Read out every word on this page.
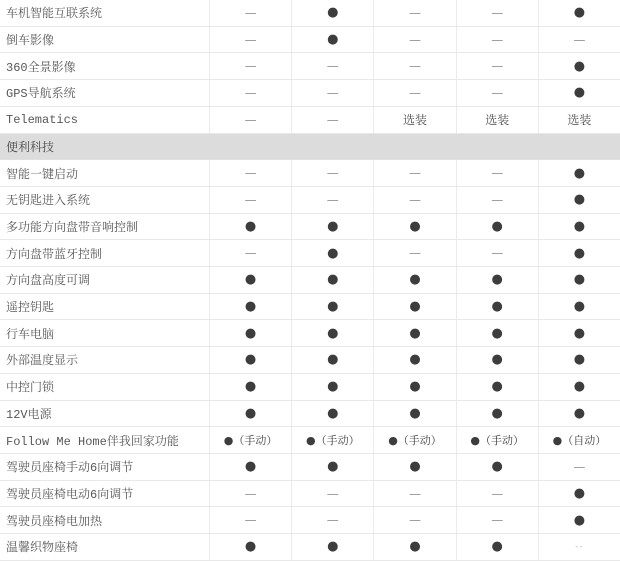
车机智能互联系统	—	●	—	—	●
倒车影像	—	●	—	—	—
360全景影像	—	—	—	—	●
GPS导航系统	—	—	—	—	●
Telematics	—	—	选装	选装	选装
便利科技
智能一键启动	—	—	—	—	●
无钥匙进入系统	—	—	—	—	●
多功能方向盘带音响控制	●	●	●	●	●
方向盘带蓝牙控制	—	●	—	—	●
方向盘高度可调	●	●	●	●	●
遥控钥匙	●	●	●	●	●
行车电脑	●	●	●	●	●
外部温度显示	●	●	●	●	●
中控门锁	●	●	●	●	●
12V电源	●	●	●	●	●
Follow Me Home伴我回家功能	●（手动）	●（手动）	●（手动）	●（手动）	●（自动）
驾驶员座椅手动6向调节	●	●	●	●	—
驾驶员座椅电动6向调节	—	—	—	—	●
驾驶员座椅电加热	—	—	—	—	●
温馨织物座椅	●	●	●	●	--
